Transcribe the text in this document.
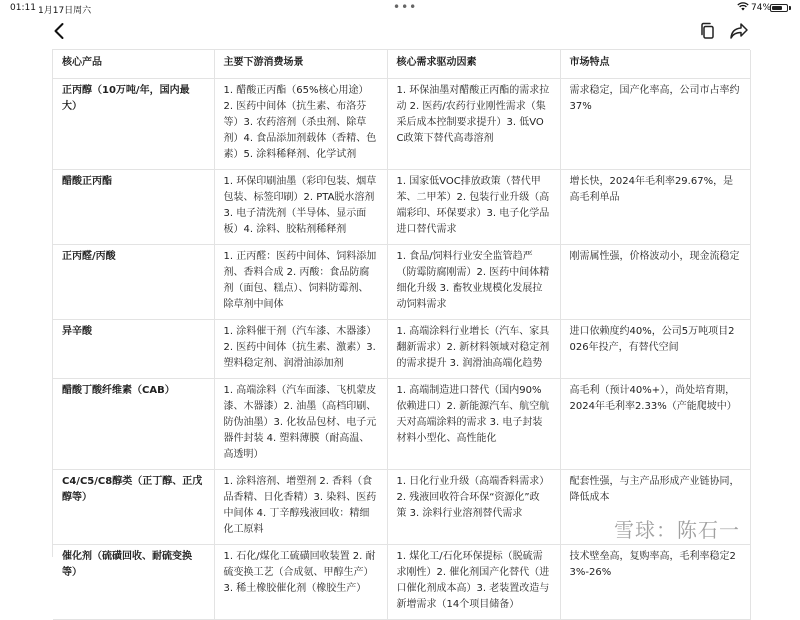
01:11 1月17日周六	•••	74%
核心产品	主要下游消费场景	核心需求驱动因素	市场特点
正丙醇（10万吨/年，国内最大）	1. 醋酸正丙酯（65%核心用途）2. 医药中间体（抗生素、布洛芬等）3. 农药溶剂（杀虫剂、除草剂）4. 食品添加剂载体（香精、色素）5. 涂料稀释剂、化学试剂	1. 环保油墨对醋酸正丙酯的需求拉动 2. 医药/农药行业刚性需求（集采后成本控制要求提升）3. 低VOC政策下替代高毒溶剂	需求稳定，国产化率高，公司市占率约37%
醋酸正丙酯	1. 环保印刷油墨（彩印包装、烟草包装、标签印刷）2. PTA脱水溶剂 3. 电子清洗剂（半导体、显示面板）4. 涂料、胶粘剂稀释剂	1. 国家低VOC排放政策（替代甲苯、二甲苯）2. 包装行业升级（高端彩印、环保要求）3. 电子化学品进口替代需求	增长快，2024年毛利率29.67%，是高毛利单品
正丙醛/丙酸	1. 正丙醛：医药中间体、饲料添加剂、香料合成 2. 丙酸：食品防腐剂（面包、糕点）、饲料防霉剂、除草剂中间体	1. 食品/饲料行业安全监管趋严（防霉防腐刚需）2. 医药中间体精细化升级 3. 畜牧业规模化发展拉动饲料需求	刚需属性强，价格波动小，现金流稳定
异辛酸	1. 涂料催干剂（汽车漆、木器漆）2. 医药中间体（抗生素、激素）3. 塑料稳定剂、润滑油添加剂	1. 高端涂料行业增长（汽车、家具翻新需求）2. 新材料领域对稳定剂的需求提升 3. 润滑油高端化趋势	进口依赖度约40%，公司5万吨项目2026年投产，有替代空间
醋酸丁酸纤维素（CAB）	1. 高端涂料（汽车面漆、飞机蒙皮漆、木器漆）2. 油墨（高档印刷、防伪油墨）3. 化妆品包材、电子元器件封装 4. 塑料薄膜（耐高温、高透明）	1. 高端制造进口替代（国内90%依赖进口）2. 新能源汽车、航空航天对高端涂料的需求 3. 电子封装材料小型化、高性能化	高毛利（预计40%+），尚处培育期，2024年毛利率2.33%（产能爬坡中）
C4/C5/C8醇类（正丁醇、正戊醇等）	1. 涂料溶剂、增塑剂 2. 香料（食品香精、日化香精）3. 染料、医药中间体 4. 丁辛醇残液回收：精细化工原料	1. 日化行业升级（高端香料需求）2. 残液回收符合环保“资源化”政策 3. 涂料行业溶剂替代需求	配套性强，与主产品形成产业链协同，降低成本
催化剂（硫磺回收、耐硫变换等）	1. 石化/煤化工硫磺回收装置 2. 耐硫变换工艺（合成氨、甲醇生产）3. 稀土橡胶催化剂（橡胶生产）	1. 煤化工/石化环保提标（脱硫需求刚性）2. 催化剂国产化替代（进口催化剂成本高）3. 老装置改造与新增需求（14个项目储备）	技术壁垒高，复购率高，毛利率稳定23%-26%
雪球：陈石一
